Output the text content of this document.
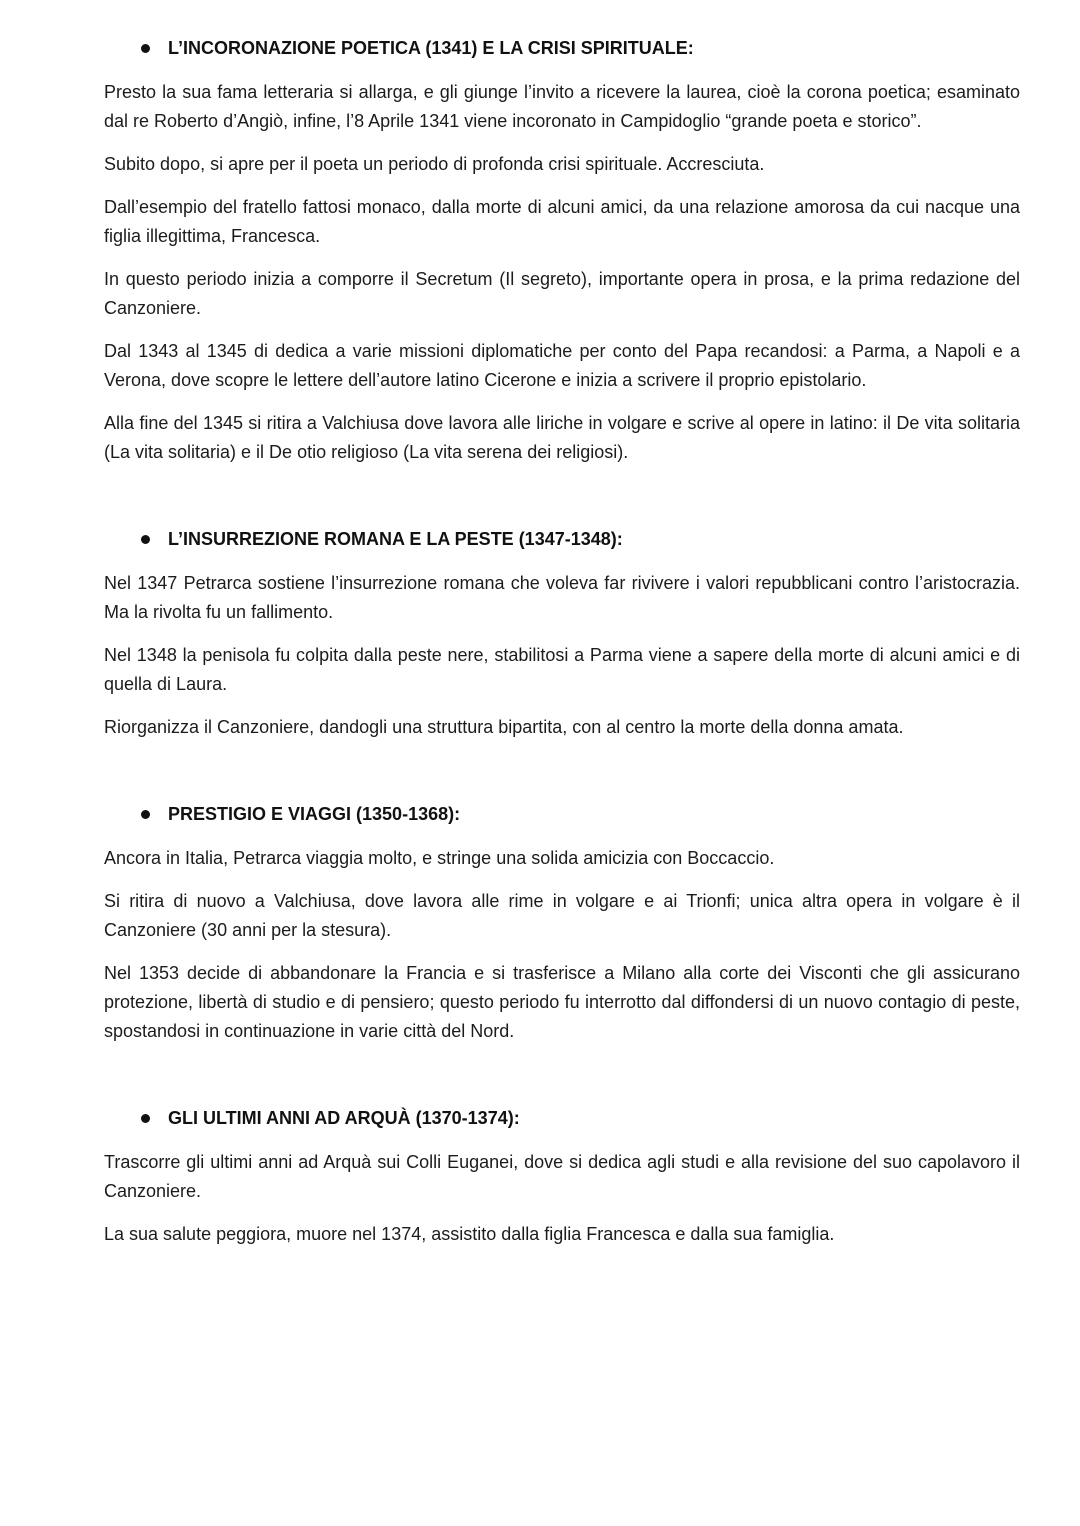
L’INCORONAZIONE POETICA (1341) E LA CRISI SPIRITUALE:

Presto la sua fama letteraria si allarga, e gli giunge l’invito a ricevere la laurea, cioè la corona poetica; esaminato dal re Roberto d’Angiò, infine, l’8 Aprile 1341 viene incoronato in Campidoglio “grande poeta e storico”.

Subito dopo, si apre per il poeta un periodo di profonda crisi spirituale. Accresciuta.

Dall’esempio del fratello fattosi monaco, dalla morte di alcuni amici, da una relazione amorosa da cui nacque una figlia illegittima, Francesca.

In questo periodo inizia a comporre il Secretum (Il segreto), importante opera in prosa, e la prima redazione del Canzoniere.

Dal 1343 al 1345 di dedica a varie missioni diplomatiche per conto del Papa recandosi: a Parma, a Napoli e a Verona, dove scopre le lettere dell’autore latino Cicerone e inizia a scrivere il proprio epistolario.

Alla fine del 1345 si ritira a Valchiusa dove lavora alle liriche in volgare e scrive al opere in latino: il De vita solitaria (La vita solitaria) e il De otio religioso (La vita serena dei religiosi).

L’INSURREZIONE ROMANA E LA PESTE (1347-1348):

Nel 1347 Petrarca sostiene l’insurrezione romana che voleva far rivivere i valori repubblicani contro l’aristocrazia. Ma la rivolta fu un fallimento.

Nel 1348 la penisola fu colpita dalla peste nere, stabilitosi a Parma viene a sapere della morte di alcuni amici e di quella di Laura.

Riorganizza il Canzoniere, dandogli una struttura bipartita, con al centro la morte della donna amata.

PRESTIGIO E VIAGGI (1350-1368):

Ancora in Italia, Petrarca viaggia molto, e stringe una solida amicizia con Boccaccio.

Si ritira di nuovo a Valchiusa, dove lavora alle rime in volgare e ai Trionfi; unica altra opera in volgare è il Canzoniere (30 anni per la stesura).

Nel 1353 decide di abbandonare la Francia e si trasferisce a Milano alla corte dei Visconti che gli assicurano protezione, libertà di studio e di pensiero; questo periodo fu interrotto dal diffondersi di un nuovo contagio di peste, spostandosi in continuazione in varie città del Nord.

GLI ULTIMI ANNI AD ARQUÀ (1370-1374):

Trascorre gli ultimi anni ad Arquà sui Colli Euganei, dove si dedica agli studi e alla revisione del suo capolavoro il Canzoniere.

La sua salute peggiora, muore nel 1374, assistito dalla figlia Francesca e dalla sua famiglia.
